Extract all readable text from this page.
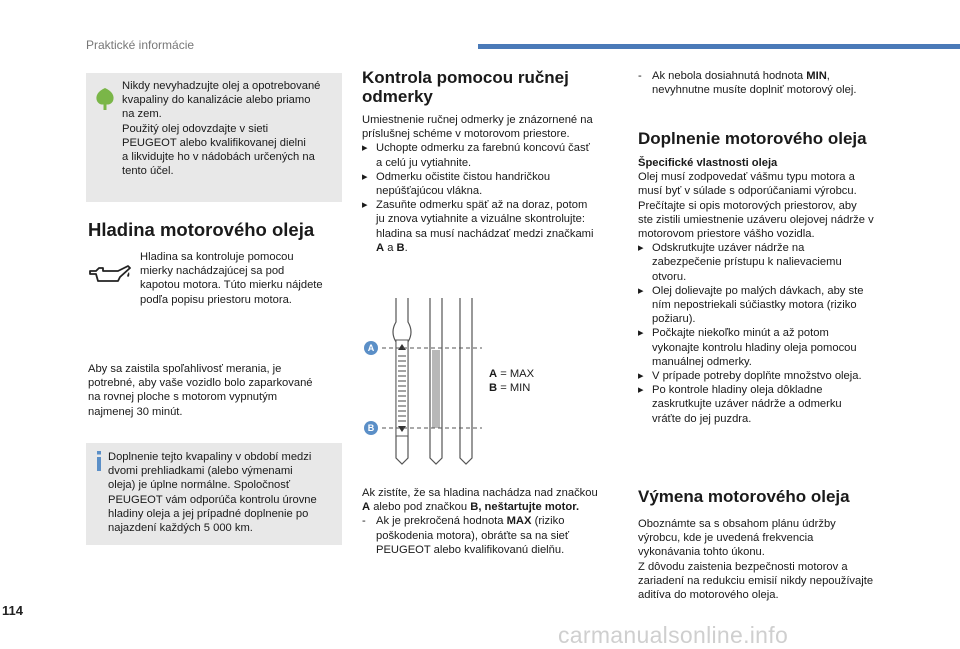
Praktické informácie

Nikdy nevyhadzujte olej a opotrebované

kvapaliny do kanalizácie alebo priamo

na zem.

Použitý olej odovzdajte v sieti

PEUGEOT alebo kvalifikovanej dielni

a likvidujte ho v nádobách určených na

tento účel.

Hladina motorového oleja

Hladina sa kontroluje pomocou

mierky nachádzajúcej sa pod

kapotou motora. Túto mierku nájdete

podľa popisu priestoru motora.

Aby sa zaistila spoľahlivosť merania, je

potrebné, aby vaše vozidlo bolo zaparkované

na rovnej ploche s motorom vypnutým

najmenej 30 minút.

Doplnenie tejto kvapaliny v období medzi

dvomi prehliadkami (alebo výmenami

oleja) je úplne normálne. Spoločnosť

PEUGEOT vám odporúča kontrolu úrovne

hladiny oleja a jej prípadné doplnenie po

najazdení každých 5 000 km.

114
Kontrola pomocou ručnej
odmerky

Umiestnenie ručnej odmerky je znázornené na

príslušnej schéme v motorovom priestore.

▸ Uchopte odmerku za farebnú koncovú časť

a celú ju vytiahnite.

▸ Odmerku očistite čistou handričkou

nepúšťajúcou vlákna.

▸ Zasuňte odmerku späť až na doraz, potom

ju znova vytiahnite a vizuálne skontrolujte:

hladina sa musí nachádzať medzi značkami

A a B.

A
B

A = MAX

B = MIN

Ak zistíte, že sa hladina nachádza nad značkou

A alebo pod značkou B, neštartujte motor.

- Ak je prekročená hodnota MAX (riziko

poškodenia motora), obráťte sa na sieť

PEUGEOT alebo kvalifikovanú dielňu.

- Ak nebola dosiahnutá hodnota MIN,

nevyhnutne musíte doplniť motorový olej.

Doplnenie motorového oleja

Špecifické vlastnosti oleja

Olej musí zodpovedať vášmu typu motora a

musí byť v súlade s odporúčaniami výrobcu.

Prečítajte si opis motorových priestorov, aby

ste zistili umiestnenie uzáveru olejovej nádrže v

motorovom priestore vášho vozidla.

▸ Odskrutkujte uzáver nádrže na

zabezpečenie prístupu k nalievaciemu

otvoru.

▸ Olej dolievajte po malých dávkach, aby ste

ním nepostriekali súčiastky motora (riziko

požiaru).

▸ Počkajte niekoľko minút a až potom

vykonajte kontrolu hladiny oleja pomocou

manuálnej odmerky.

▸ V prípade potreby doplňte množstvo oleja.

▸ Po kontrole hladiny oleja dôkladne

zaskrutkujte uzáver nádrže a odmerku

vráťte do jej puzdra.

Výmena motorového oleja

Oboznámte sa s obsahom plánu údržby

výrobcu, kde je uvedená frekvencia

vykonávania tohto úkonu.

Z dôvodu zaistenia bezpečnosti motorov a

zariadení na redukciu emisií nikdy nepoužívajte

aditíva do motorového oleja.

carmanualsonline.info
